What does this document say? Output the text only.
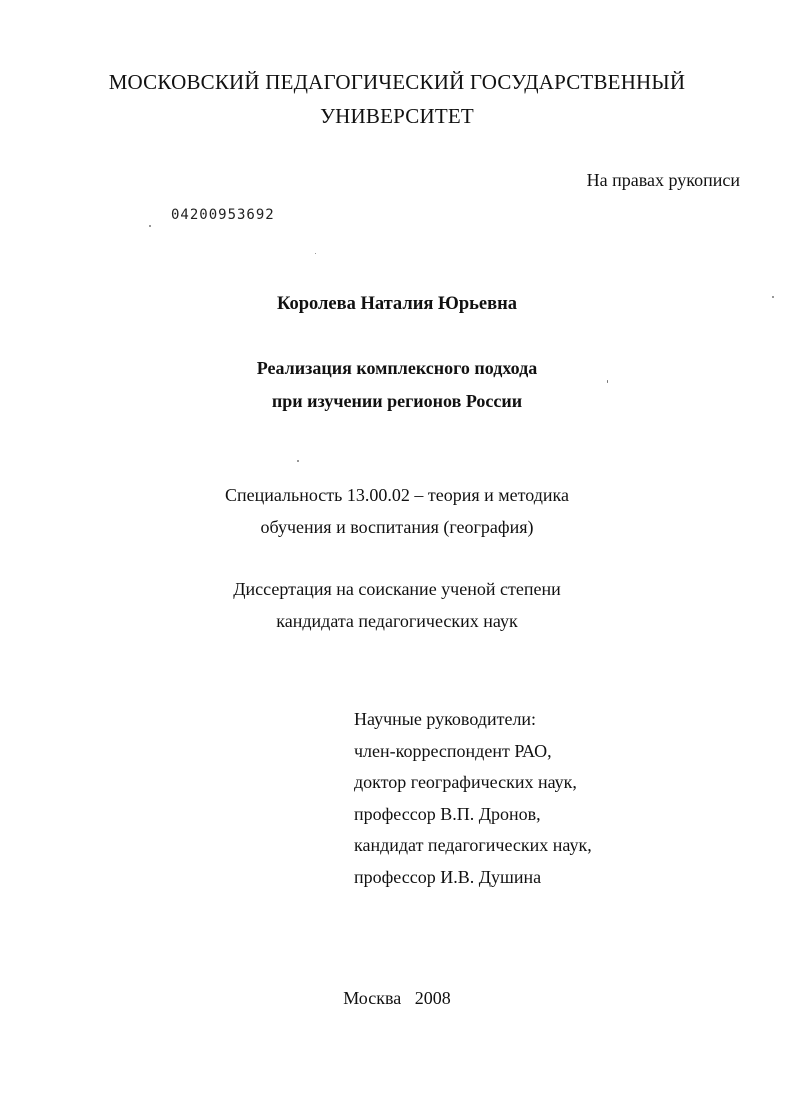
МОСКОВСКИЙ ПЕДАГОГИЧЕСКИЙ ГОСУДАРСТВЕННЫЙ
УНИВЕРСИТЕТ
На правах рукописи
04200953692
Королева Наталия Юрьевна
Реализация комплексного подхода
при изучении регионов России
Специальность 13.00.02 – теория и методика
обучения и воспитания (география)
Диссертация на соискание ученой степени
кандидата педагогических наук
Научные руководители:
член-корреспондент РАО,
доктор географических наук,
профессор В.П. Дронов,
кандидат педагогических наук,
профессор И.В. Душина
Москва   2008
